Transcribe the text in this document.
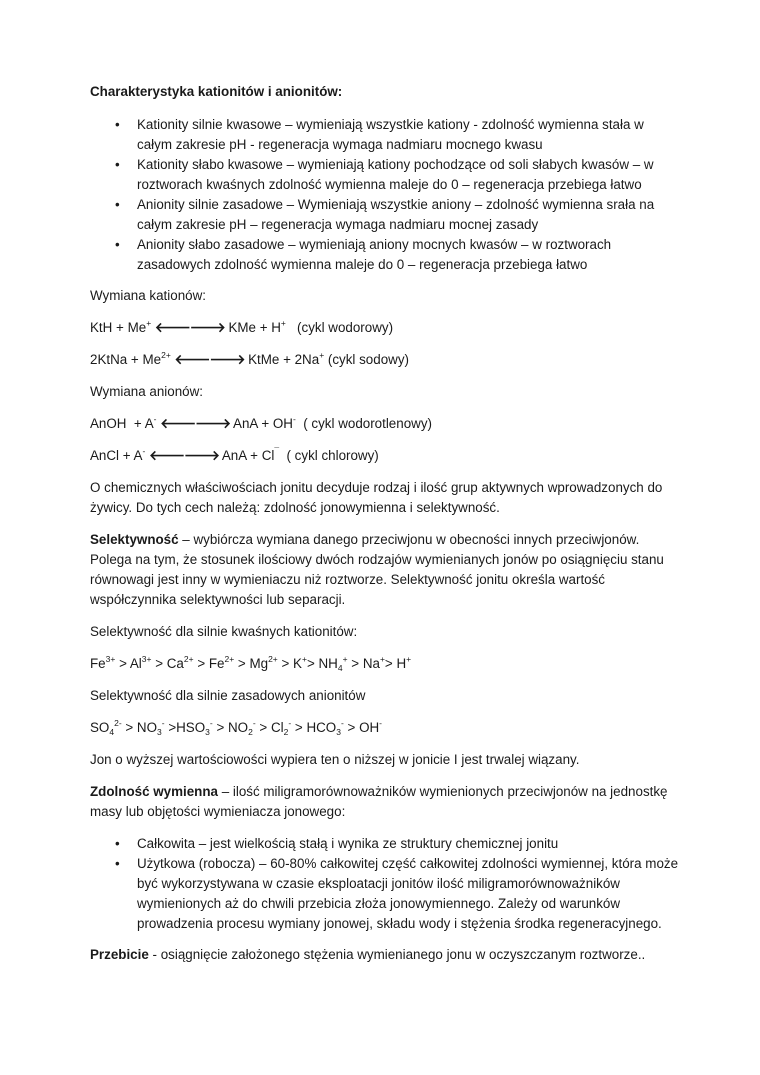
Charakterystyka kationitów i anionitów:

• Kationity silnie kwasowe – wymieniają wszystkie kationy - zdolność wymienna stała w całym zakresie pH - regeneracja wymaga nadmiaru mocnego kwasu
• Kationity słabo kwasowe – wymieniają kationy pochodzące od soli słabych kwasów – w roztworach kwaśnych zdolność wymienna maleje do 0 – regeneracja przebiega łatwo
• Anionity silnie zasadowe – Wymieniają wszystkie aniony – zdolność wymienna srała na całym zakresie pH – regeneracja wymaga nadmiaru mocnej zasady
• Anionity słabo zasadowe – wymieniają aniony mocnych kwasów – w roztworach zasadowych zdolność wymienna maleje do 0 – regeneracja przebiega łatwo

Wymiana kationów:

KtH + Me+ 🡐🡒 KMe + H+   (cykl wodorowy)

2KtNa + $Me^{2+}$ 🡐🡒 KtMe + 2Na+ (cykl sodowy)

Wymiana anionów:

AnOH  + A- 🡐🡒 AnA + OH-  ( cykl wodorotlenowy)

AnCl + A- 🡐🡒 AnA + Cl¯  ( cykl chlorowy)

O chemicznych właściwościach jonitu decyduje rodzaj i ilość grup aktywnych wprowadzonych do żywicy. Do tych cech należą: zdolność jonowymienna i selektywność.

Selektywność – wybiórcza wymiana danego przeciwjonu w obecności innych przeciwjonów. Polega na tym, że stosunek ilościowy dwóch rodzajów wymienianych jonów po osiągnięciu stanu równowagi jest inny w wymieniaczu niż roztworze. Selektywność jonitu określa wartość współczynnika selektywności lub separacji.

Selektywność dla silnie kwaśnych kationitów:

$Fe^{3+} > Al^{3+} > Ca^{2+} > Fe^{2+} > Mg^{2+} > K^+> NH_4^+ > Na^+> H^+$

Selektywność dla silnie zasadowych anionitów

$SO_4^{2-} > NO_3^- >HSO_3^- > NO_2^- > Cl_2^- > HCO_3^- > OH^-$

Jon o wyższej wartościowości wypiera ten o niższej w jonicie I jest trwalej wiązany.

Zdolność wymienna – ilość miligramorównoważników wymienionych przeciwjonów na jednostkę masy lub objętości wymieniacza jonowego:

• Całkowita – jest wielkością stałą i wynika ze struktury chemicznej jonitu
• Użytkowa (robocza) – 60-80% całkowitej część całkowitej zdolności wymiennej, która może być wykorzystywana w czasie eksploatacji jonitów ilość miligramorównoważników wymienionych aż do chwili przebicia złoża jonowymiennego. Zależy od warunków prowadzenia procesu wymiany jonowej, składu wody i stężenia środka regeneracyjnego.

Przebicie - osiągnięcie założonego stężenia wymienianego jonu w oczyszczanym roztworze..
